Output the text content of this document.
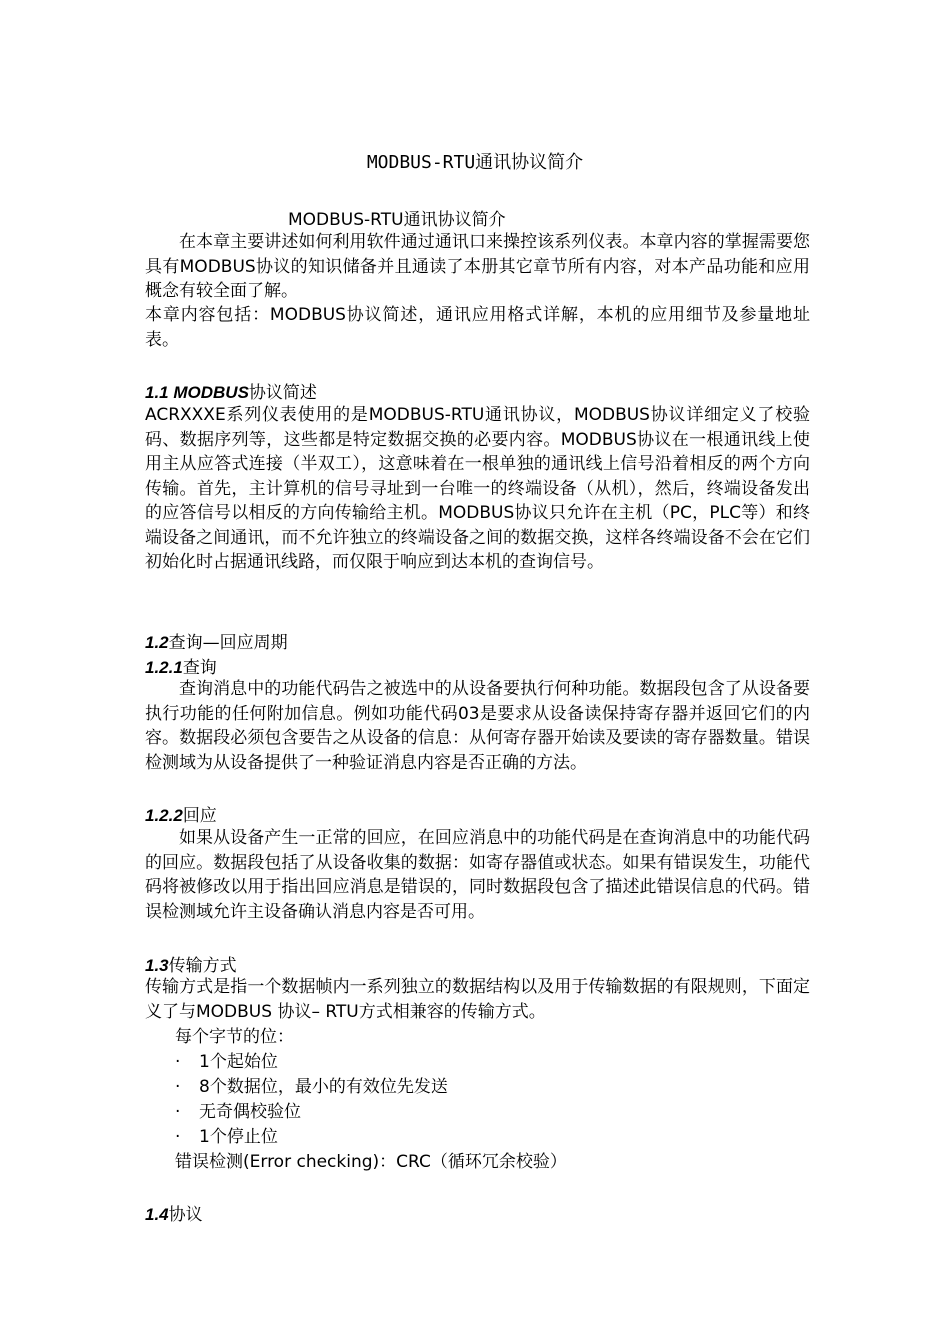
MODBUS-RTU通讯协议简介
MODBUS-RTU通讯协议简介
在本章主要讲述如何利用软件通过通讯口来操控该系列仪表。本章内容的掌握需要您具有MODBUS协议的知识储备并且通读了本册其它章节所有内容，对本产品功能和应用概念有较全面了解。
本章内容包括：MODBUS协议简述，通讯应用格式详解，本机的应用细节及参量地址表。
1.1 MODBUS协议简述
ACRXXXE系列仪表使用的是MODBUS-RTU通讯协议，MODBUS协议详细定义了校验码、数据序列等，这些都是特定数据交换的必要内容。MODBUS协议在一根通讯线上使用主从应答式连接（半双工），这意味着在一根单独的通讯线上信号沿着相反的两个方向传输。首先，主计算机的信号寻址到一台唯一的终端设备（从机），然后，终端设备发出的应答信号以相反的方向传输给主机。MODBUS协议只允许在主机（PC，PLC等）和终端设备之间通讯，而不允许独立的终端设备之间的数据交换，这样各终端设备不会在它们初始化时占据通讯线路，而仅限于响应到达本机的查询信号。
1.2查询—回应周期
1.2.1查询
查询消息中的功能代码告之被选中的从设备要执行何种功能。数据段包含了从设备要执行功能的任何附加信息。例如功能代码03是要求从设备读保持寄存器并返回它们的内容。数据段必须包含要告之从设备的信息：从何寄存器开始读及要读的寄存器数量。错误检测域为从设备提供了一种验证消息内容是否正确的方法。
1.2.2回应
如果从设备产生一正常的回应，在回应消息中的功能代码是在查询消息中的功能代码的回应。数据段包括了从设备收集的数据：如寄存器值或状态。如果有错误发生，功能代码将被修改以用于指出回应消息是错误的，同时数据段包含了描述此错误信息的代码。错误检测域允许主设备确认消息内容是否可用。
1.3传输方式
传输方式是指一个数据帧内一系列独立的数据结构以及用于传输数据的有限规则，下面定义了与MODBUS 协议– RTU方式相兼容的传输方式。
每个字节的位：
·	1个起始位
·	8个数据位，最小的有效位先发送
·	无奇偶校验位
·	1个停止位
错误检测(Error checking)：CRC（循环冗余校验）
1.4协议
